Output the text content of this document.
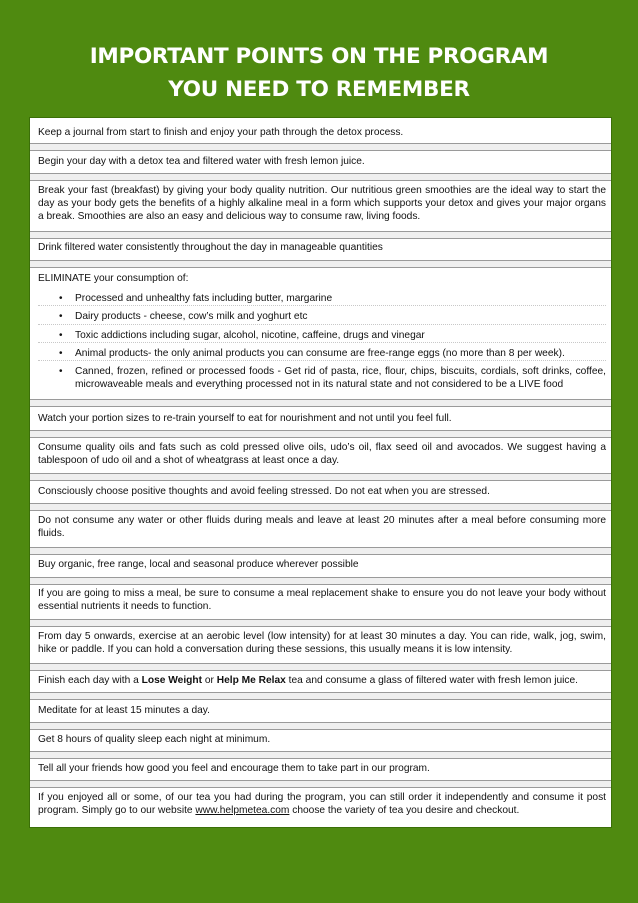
IMPORTANT POINTS ON THE PROGRAM
YOU NEED TO REMEMBER
Keep a journal from start to finish and enjoy your path through the detox process.
Begin your day with a detox tea and filtered water with fresh lemon juice.
Break your fast (breakfast) by giving your body quality nutrition. Our nutritious green smoothies are the ideal way to start the day as your body gets the benefits of a highly alkaline meal in a form which supports your detox and gives your major organs a break. Smoothies are also an easy and delicious way to consume raw, living foods.
Drink filtered water consistently throughout the day in manageable quantities
ELIMINATE your consumption of:
• Processed and unhealthy fats including butter, margarine
• Dairy products - cheese, cow’s milk and yoghurt etc
• Toxic addictions including sugar, alcohol, nicotine, caffeine, drugs and vinegar
• Animal products- the only animal products you can consume are free-range eggs (no more than 8 per week).
• Canned, frozen, refined or processed foods - Get rid of pasta, rice, flour, chips, biscuits, cordials, soft drinks, coffee, microwaveable meals and everything processed not in its natural state and not considered to be a LIVE food
Watch your portion sizes to re-train yourself to eat for nourishment and not until you feel full.
Consume quality oils and fats such as cold pressed olive oils, udo’s oil, flax seed oil and avocados. We suggest having a tablespoon of udo oil and a shot of wheatgrass at least once a day.
Consciously choose positive thoughts and avoid feeling stressed. Do not eat when you are stressed.
Do not consume any water or other fluids during meals and leave at least 20 minutes after a meal before consuming more fluids.
Buy organic, free range, local and seasonal produce wherever possible
If you are going to miss a meal, be sure to consume a meal replacement shake to ensure you do not leave your body without essential nutrients it needs to function.
From day 5 onwards, exercise at an aerobic level (low intensity) for at least 30 minutes a day. You can ride, walk, jog, swim, hike or paddle. If you can hold a conversation during these sessions, this usually means it is low intensity.
Finish each day with a Lose Weight or Help Me Relax tea and consume a glass of filtered water with fresh lemon juice.
Meditate for at least 15 minutes a day.
Get 8 hours of quality sleep each night at minimum.
Tell all your friends how good you feel and encourage them to take part in our program.
If you enjoyed all or some, of our tea you had during the program, you can still order it independently and consume it post program. Simply go to our website www.helpmetea.com choose the variety of tea you desire and checkout.
